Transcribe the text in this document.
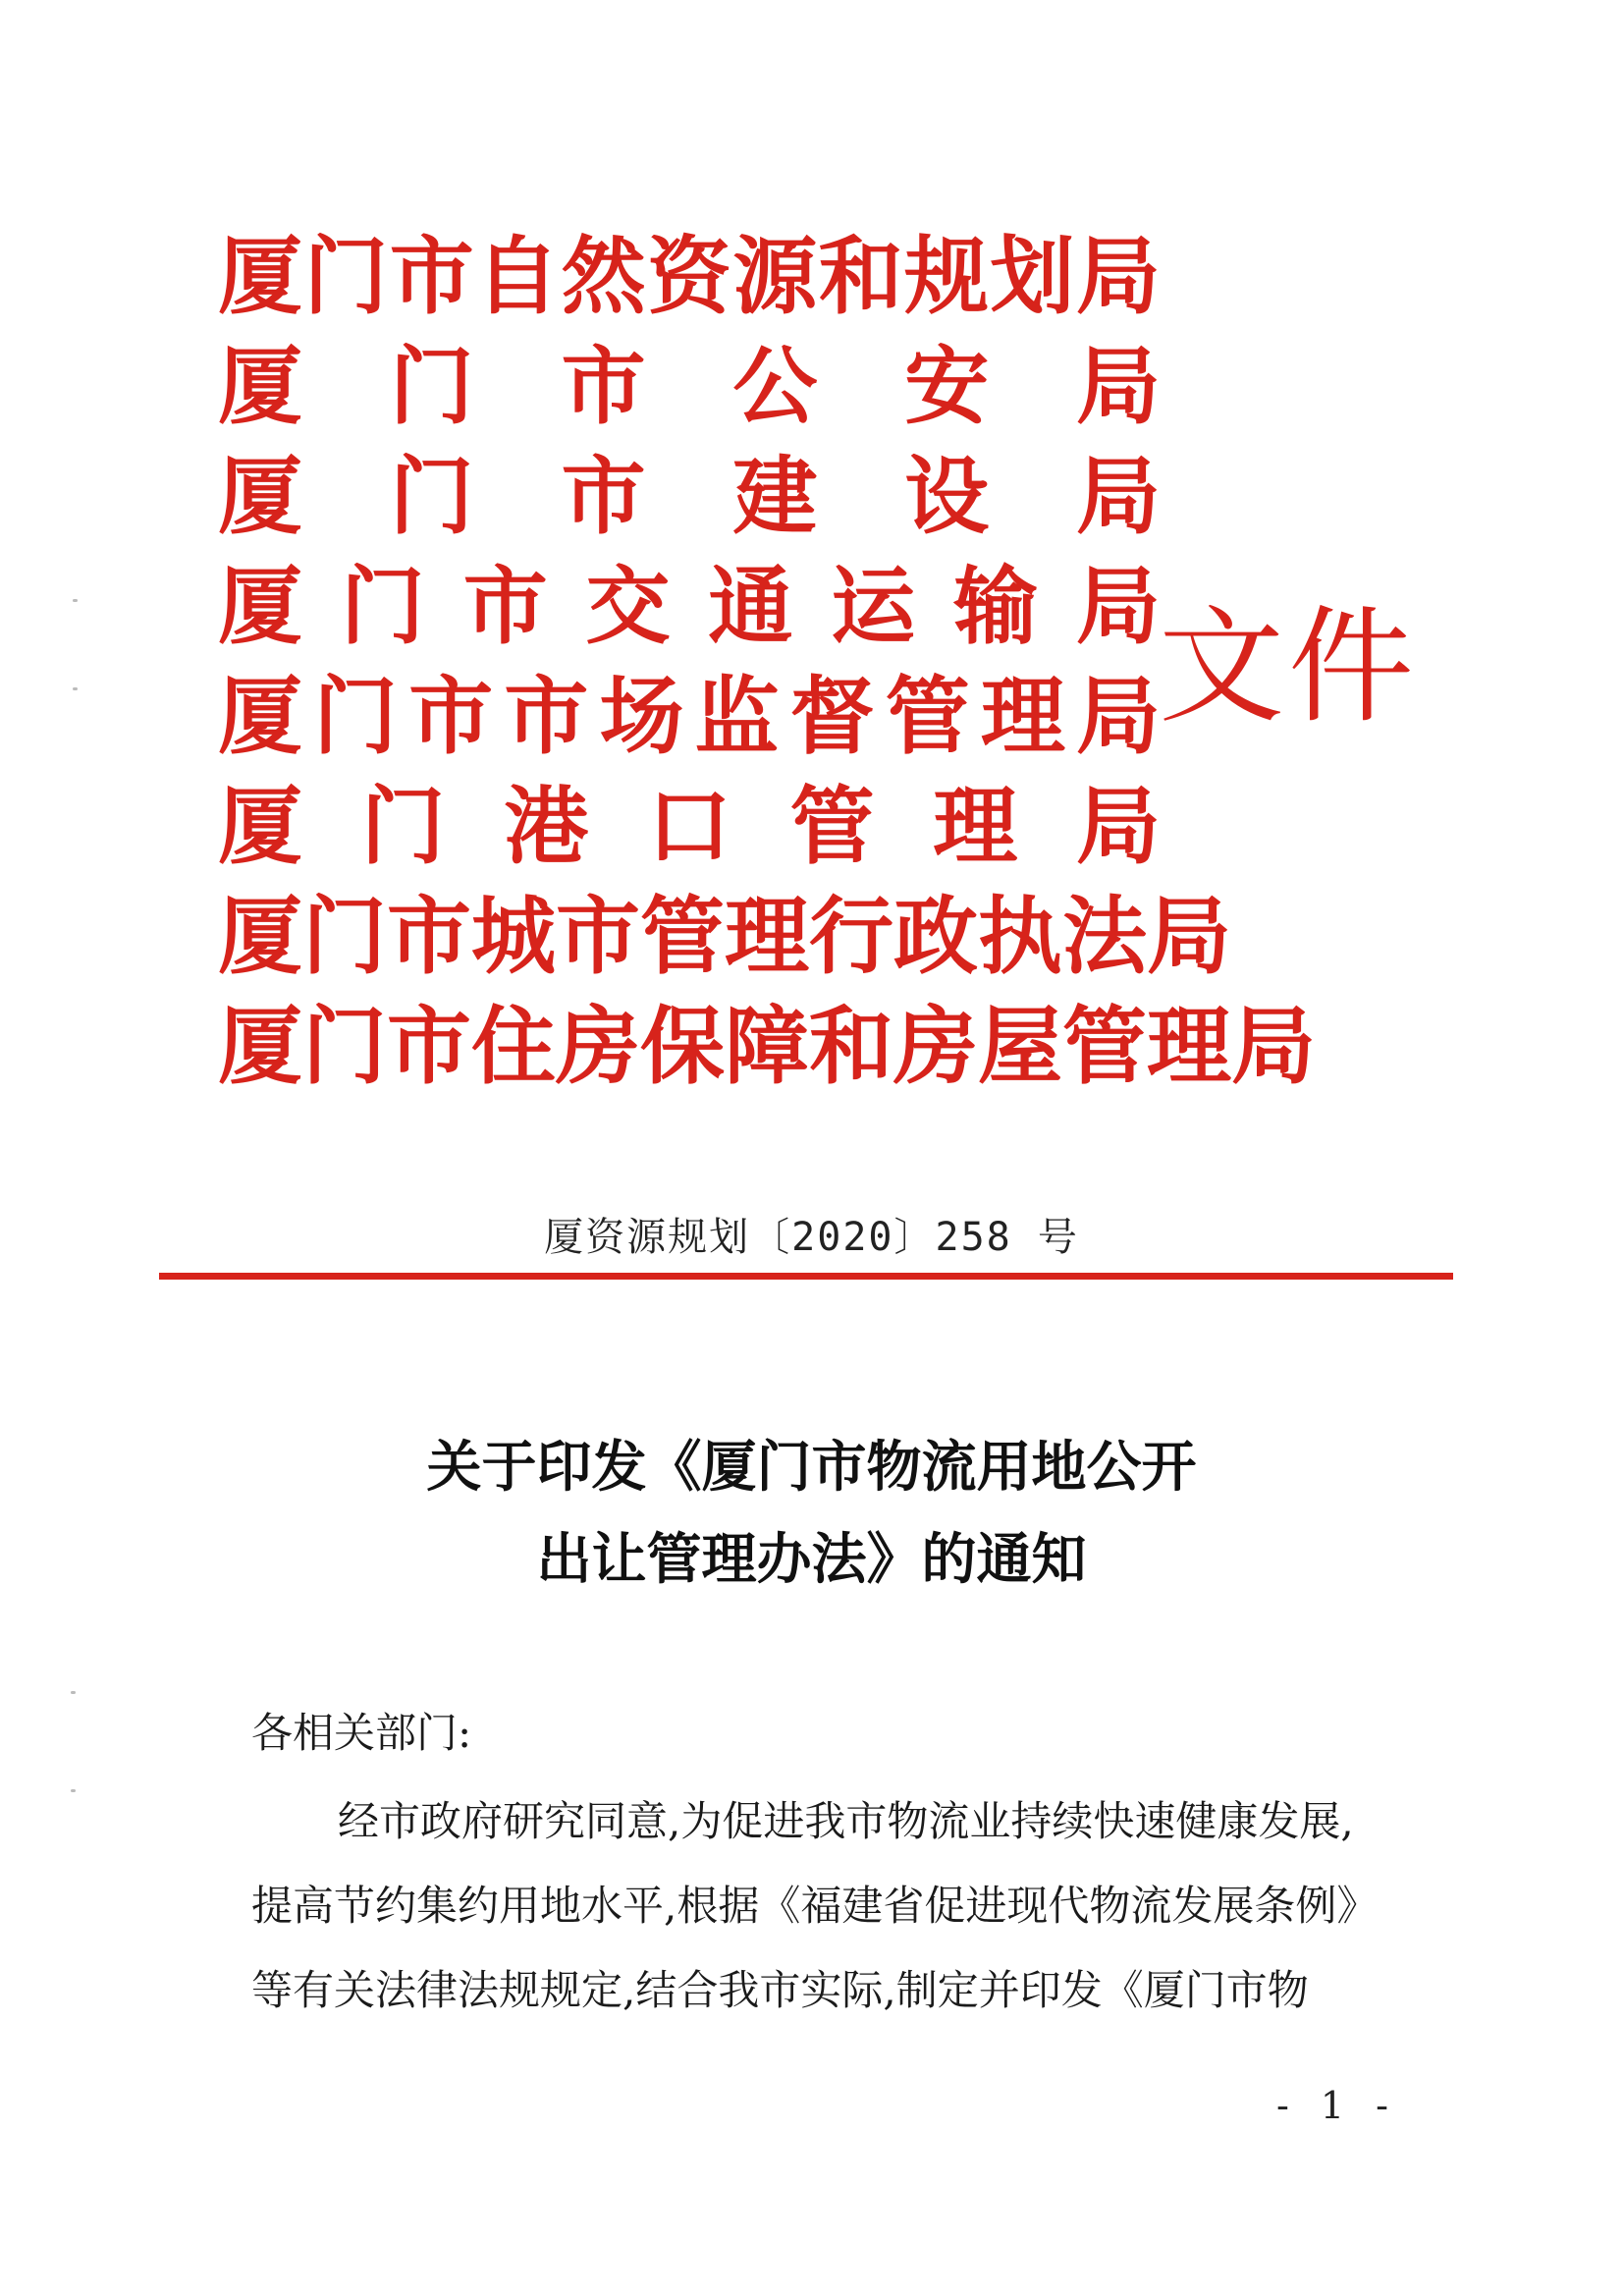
厦 门 市 自 然 资 源 和 规 划 局
厦 门 市 公 安 局
厦 门 市 建 设 局
厦 门 市 交 通 运 输 局
厦 门 市 市 场 监 督 管 理 局
厦 门 港 口 管 理 局
厦 门 市 城 市 管 理 行 政 执 法 局
厦 门 市 住 房 保 障 和 房 屋 管 理 局
文 件
厦资源规划〔2020〕258 号
关于印发《厦门市物流用地公开
出让管理办法》的通知
各相关部门:
经市政府研究同意,为促进我市物流业持续快速健康发展,
提高节约集约用地水平,根据《福建省促进现代物流发展条例》
等有关法律法规规定,结合我市实际,制定并印发《厦门市物
- 1 -
